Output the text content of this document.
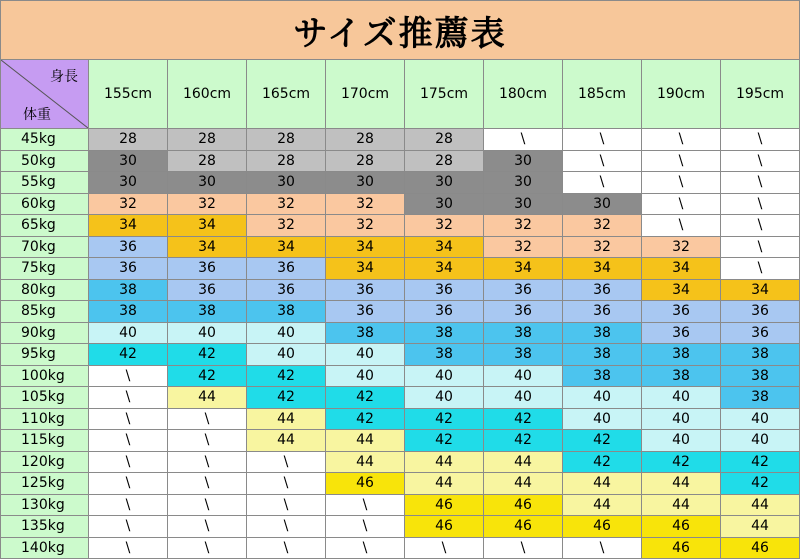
サイズ推薦表									

身長
体重	155cm	160cm	165cm	170cm	175cm	180cm	185cm	190cm	195cm
45kg	28	28	28	28	28	\	\	\	\
50kg	30	28	28	28	28	30	\	\	\
55kg	30	30	30	30	30	30	\	\	\
60kg	32	32	32	32	30	30	30	\	\
65kg	34	34	32	32	32	32	32	\	\
70kg	36	34	34	34	34	32	32	32	\
75kg	36	36	36	34	34	34	34	34	\
80kg	38	36	36	36	36	36	36	34	34
85kg	38	38	38	36	36	36	36	36	36
90kg	40	40	40	38	38	38	38	36	36
95kg	42	42	40	40	38	38	38	38	38
100kg	\	42	42	40	40	40	38	38	38
105kg	\	44	42	42	40	40	40	40	38
110kg	\	\	44	42	42	42	40	40	40
115kg	\	\	44	44	42	42	42	40	40
120kg	\	\	\	44	44	44	42	42	42
125kg	\	\	\	46	44	44	44	44	42
130kg	\	\	\	\	46	46	44	44	44
135kg	\	\	\	\	46	46	46	46	44
140kg	\	\	\	\	\	\	\	46	46
